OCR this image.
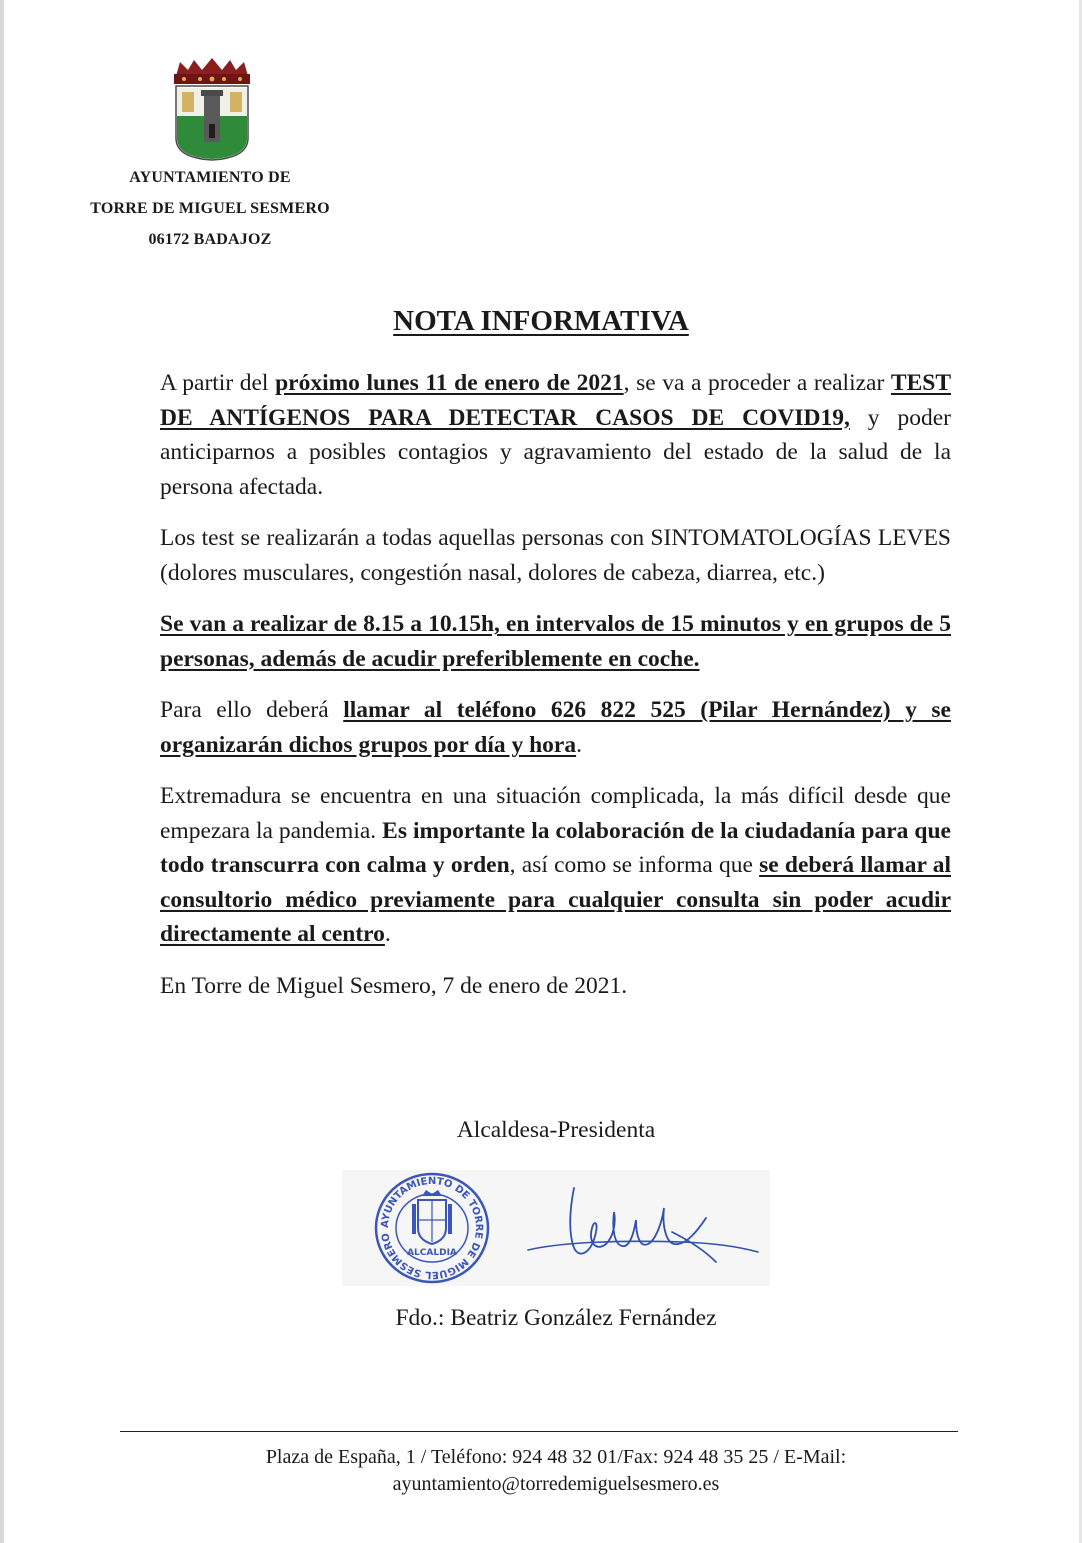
AYUNTAMIENTO DE
TORRE DE MIGUEL SESMERO
06172 BADAJOZ
NOTA INFORMATIVA

A partir del próximo lunes 11 de enero de 2021, se va a proceder a realizar TEST DE ANTÍGENOS PARA DETECTAR CASOS DE COVID19, y poder anticiparnos a posibles contagios y agravamiento del estado de la salud de la persona afectada.

Los test se realizarán a todas aquellas personas con SINTOMATOLOGÍAS LEVES (dolores musculares, congestión nasal, dolores de cabeza, diarrea, etc.)

Se van a realizar de 8.15 a 10.15h, en intervalos de 15 minutos y en grupos de 5 personas, además de acudir preferiblemente en coche.

Para ello deberá llamar al teléfono 626 822 525 (Pilar Hernández) y se organizarán dichos grupos por día y hora.

Extremadura se encuentra en una situación complicada, la más difícil desde que empezara la pandemia. Es importante la colaboración de la ciudadanía para que todo transcurra con calma y orden, así como se informa que se deberá llamar al consultorio médico previamente para cualquier consulta sin poder acudir directamente al centro.

En Torre de Miguel Sesmero, 7 de enero de 2021.

Alcaldesa-Presidenta
AYUNTAMIENTO DE TORRE DE MIGUEL SESMERO
ALCALDIA
Fdo.: Beatriz González Fernández
Plaza de España, 1 / Teléfono: 924 48 32 01/Fax: 924 48 35 25 / E-Mail:
ayuntamiento@torredemiguelsesmero.es
